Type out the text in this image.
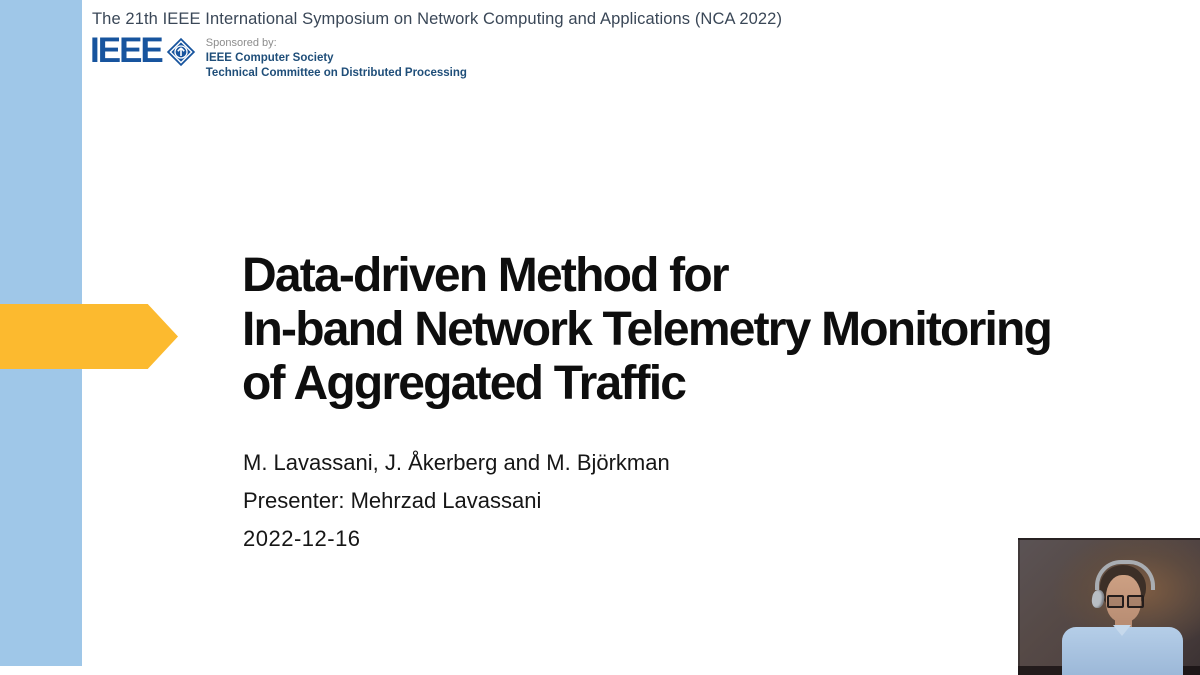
The 21th IEEE International Symposium on Network Computing and Applications (NCA 2022)
IEEE	Sponsored by:
IEEE Computer Society
Technical Committee on Distributed Processing
Data-driven Method for
In-band Network Telemetry Monitoring
of Aggregated Traffic
M. Lavassani, J. Åkerberg and M. Björkman
Presenter: Mehrzad Lavassani
2022-12-16
